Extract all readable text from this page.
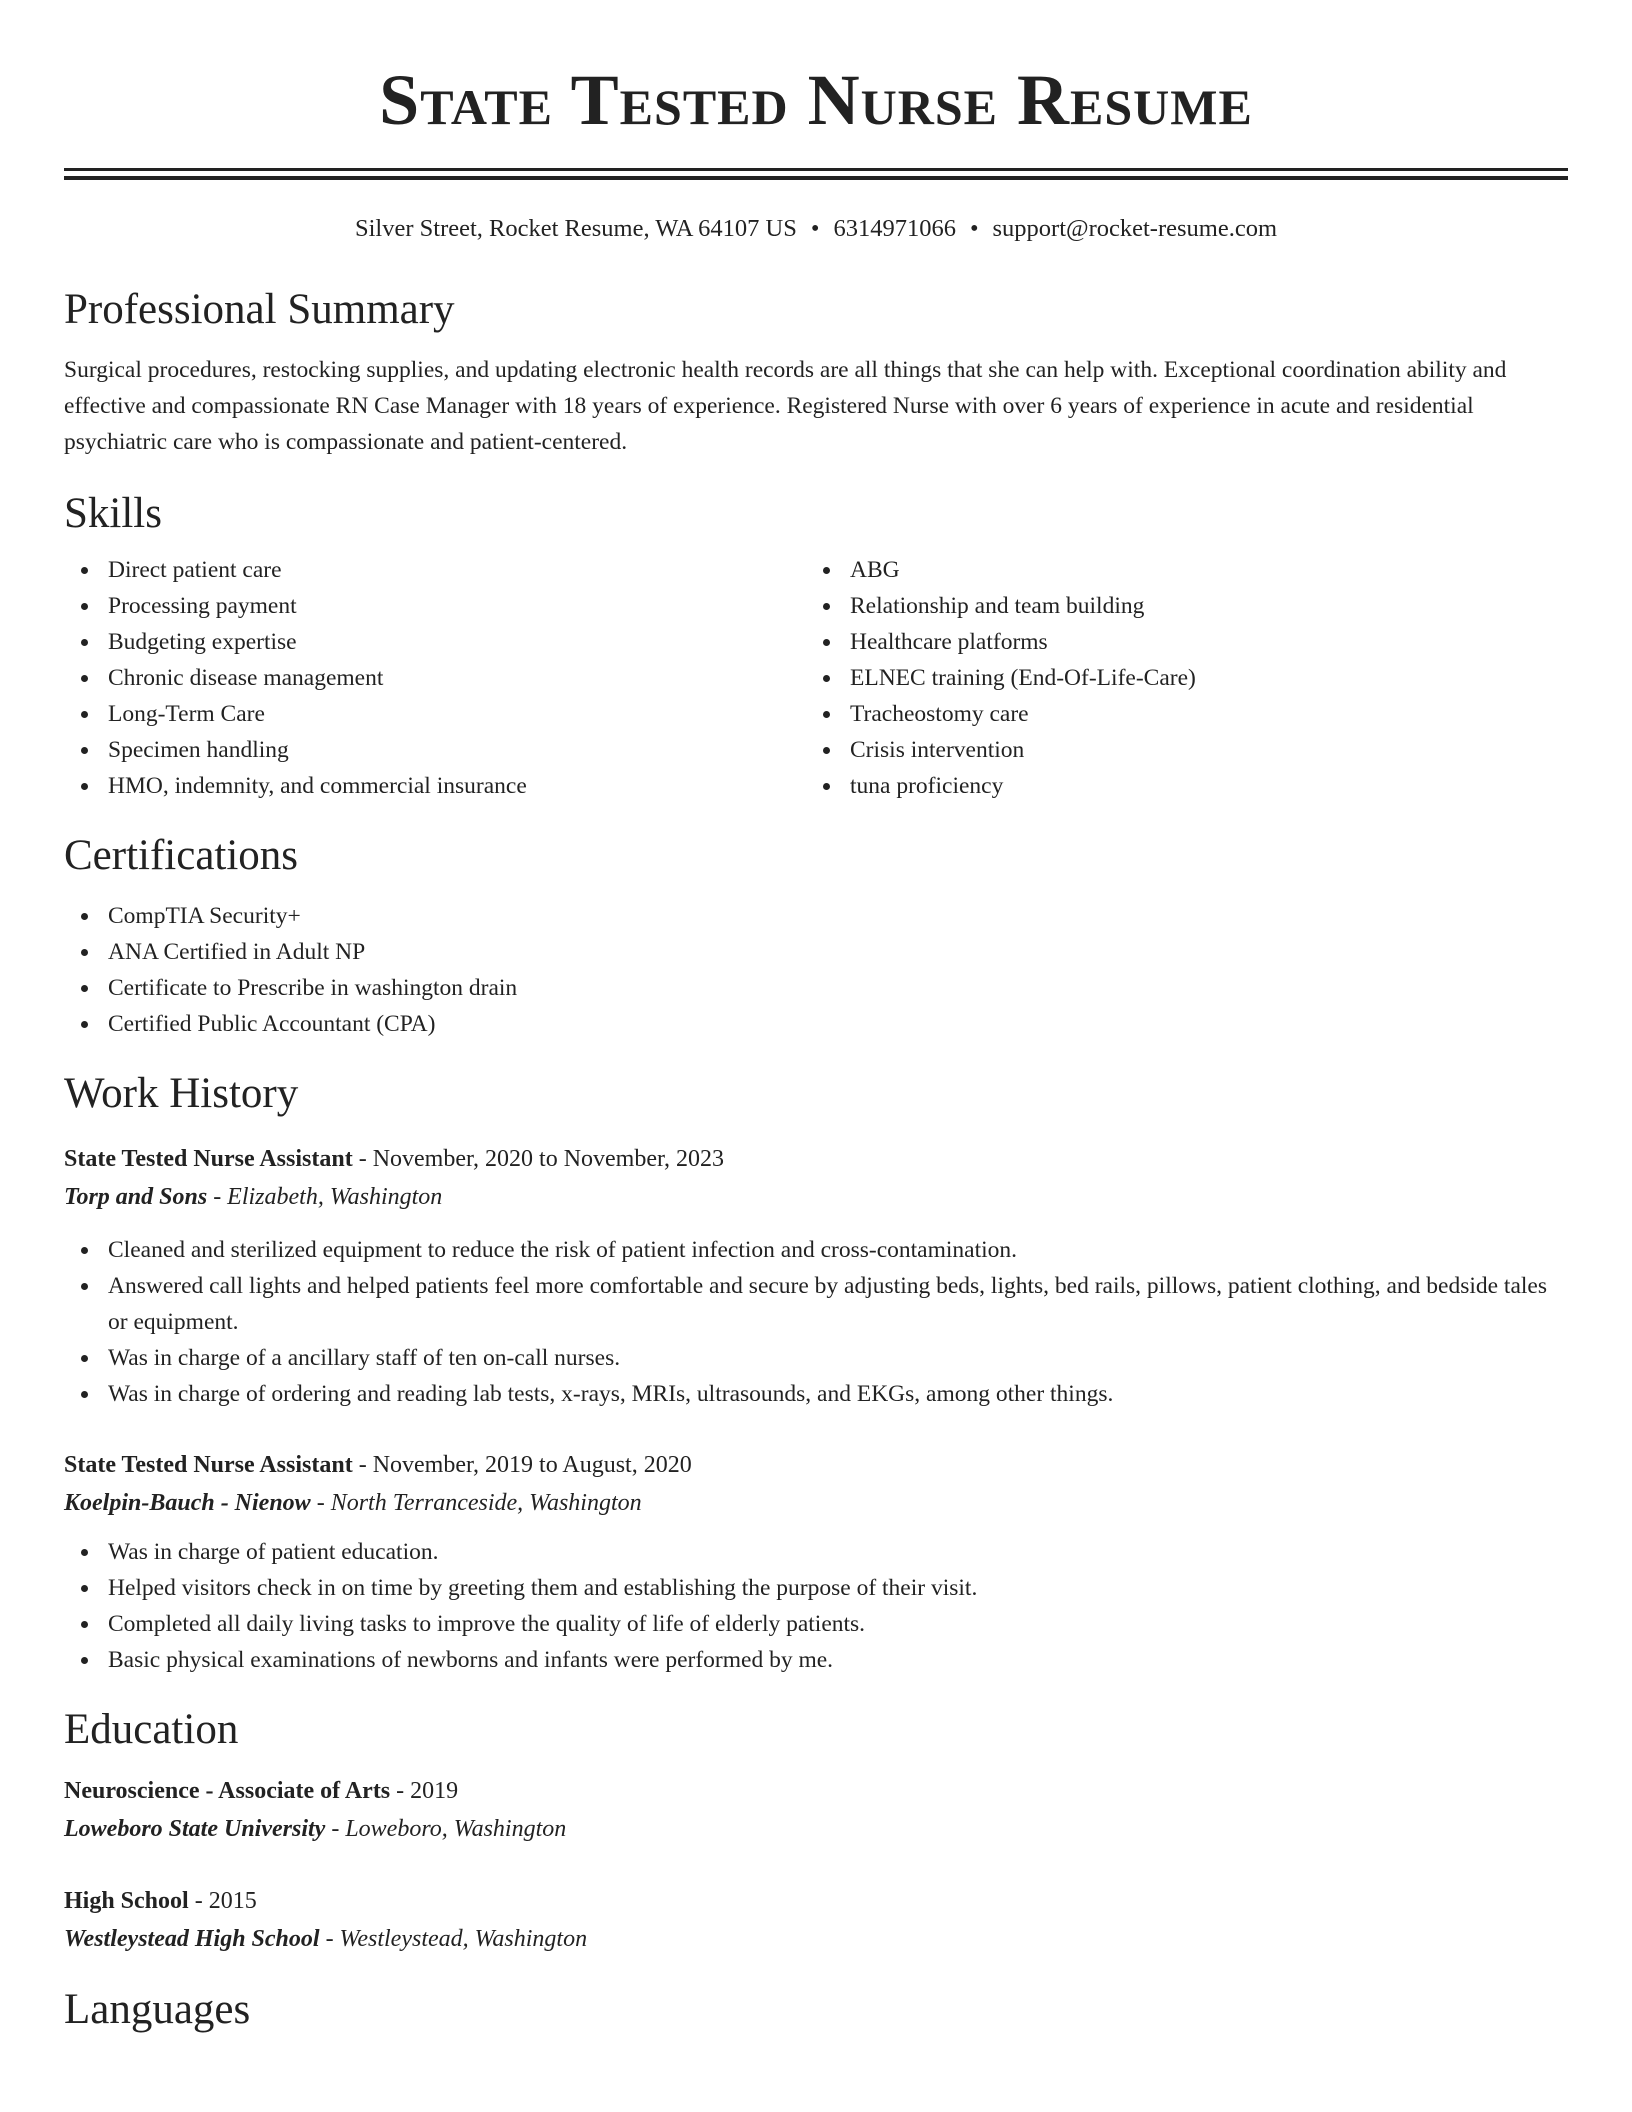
State Tested Nurse Resume
Silver Street, Rocket Resume, WA 64107 US • 6314971066 • support@rocket-resume.com
Professional Summary

Surgical procedures, restocking supplies, and updating electronic health records are all things that she can help with. Exceptional coordination ability and effective and compassionate RN Case Manager with 18 years of experience. Registered Nurse with over 6 years of experience in acute and residential psychiatric care who is compassionate and patient-centered.

Skills
Direct patient care
Processing payment
Budgeting expertise
Chronic disease management
Long-Term Care
Specimen handling
HMO, indemnity, and commercial insurance
ABG
Relationship and team building
Healthcare platforms
ELNEC training (End-Of-Life-Care)
Tracheostomy care
Crisis intervention
tuna proficiency
Certifications
CompTIA Security+
ANA Certified in Adult NP
Certificate to Prescribe in washington drain
Certified Public Accountant (CPA)
Work History
State Tested Nurse Assistant - November, 2020 to November, 2023
Torp and Sons - Elizabeth, Washington
Cleaned and sterilized equipment to reduce the risk of patient infection and cross-contamination.
Answered call lights and helped patients feel more comfortable and secure by adjusting beds, lights, bed rails, pillows, patient clothing, and bedside tales or equipment.
Was in charge of a ancillary staff of ten on-call nurses.
Was in charge of ordering and reading lab tests, x-rays, MRIs, ultrasounds, and EKGs, among other things.
State Tested Nurse Assistant - November, 2019 to August, 2020
Koelpin-Bauch - Nienow - North Terranceside, Washington
Was in charge of patient education.
Helped visitors check in on time by greeting them and establishing the purpose of their visit.
Completed all daily living tasks to improve the quality of life of elderly patients.
Basic physical examinations of newborns and infants were performed by me.
Education
Neuroscience - Associate of Arts - 2019
Loweboro State University - Loweboro, Washington
High School - 2015
Westleystead High School - Westleystead, Washington
Languages
